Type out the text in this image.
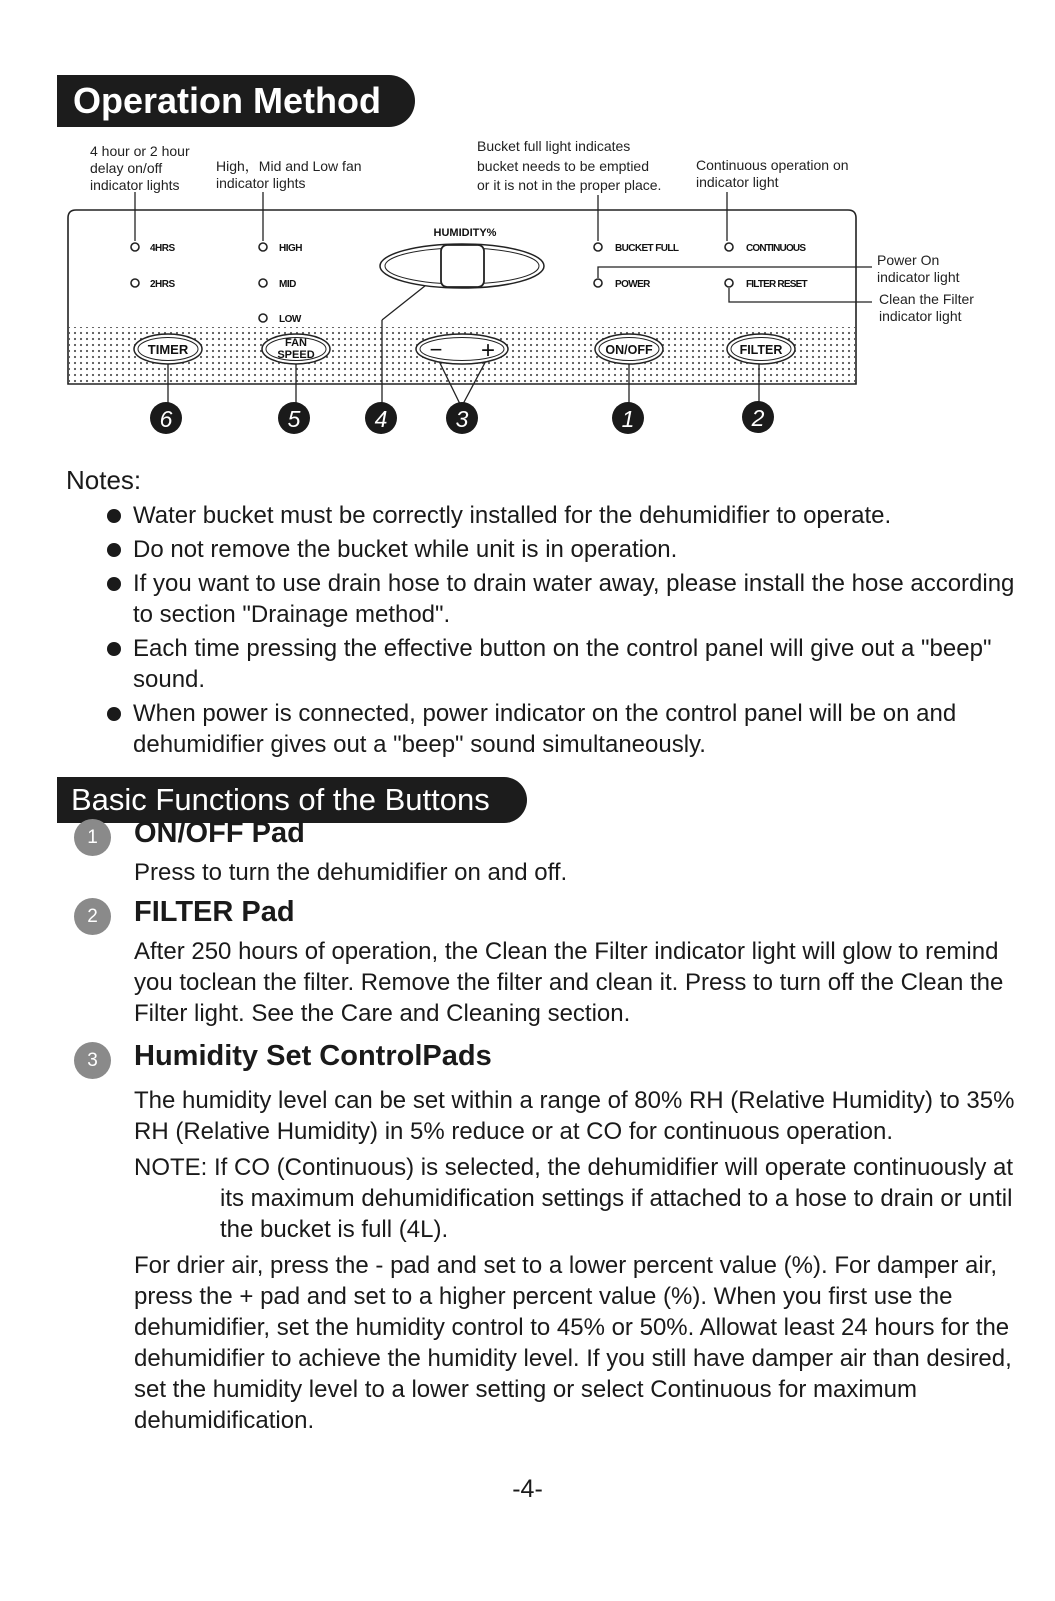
Operation Method
4 hour or 2 hour
delay on/off
indicator lights
High，Mid and Low fan
indicator lights
Bucket full light indicates
bucket needs to be emptied
or it is not in the proper place.
Continuous operation on
indicator light
Power On
indicator light
Clean the Filter
indicator light
HUMIDITY%
4HRS
2HRS
HIGH
MID
LOW
BUCKET FULL
POWER
CONTINUOUS
FILTER RESET
TIMER	FAN
SPEED	− +	ON/OFF	FILTER
6	5	4	3	1	2
Notes:
Water bucket must be correctly installed for the dehumidifier to operate.
Do not remove the bucket while unit is in operation.
If you want to use drain hose to drain water away, please install the hose according to section "Drainage method".
Each time pressing the effective button on the control panel will give out a "beep" sound.
When power is connected, power indicator on the control panel will be on and dehumidifier gives out a "beep" sound simultaneously.
Basic Functions of the Buttons
1	ON/OFF Pad

Press to turn the dehumidifier on and off.

2	FILTER Pad

After 250 hours of operation, the Clean the Filter indicator light will glow to remind you toclean the filter. Remove the filter and clean it. Press to turn off the Clean the Filter light. See the Care and Cleaning section.

3	Humidity Set ControlPads

The humidity level can be set within a range of 80% RH (Relative Humidity) to 35% RH (Relative Humidity) in 5% reduce or at CO for continuous operation.

NOTE: If CO (Continuous) is selected, the dehumidifier will operate continuously at its maximum dehumidification settings if attached to a hose to drain or until the bucket is full (4L).

For drier air, press the - pad and set to a lower percent value (%). For damper air, press the + pad and set to a higher percent value (%). When you first use the dehumidifier, set the humidity control to 45% or 50%. Allowat least 24 hours for the dehumidifier to achieve the humidity level. If you still have damper air than desired, set the humidity level to a lower setting or select Continuous for maximum dehumidification.

-4-
